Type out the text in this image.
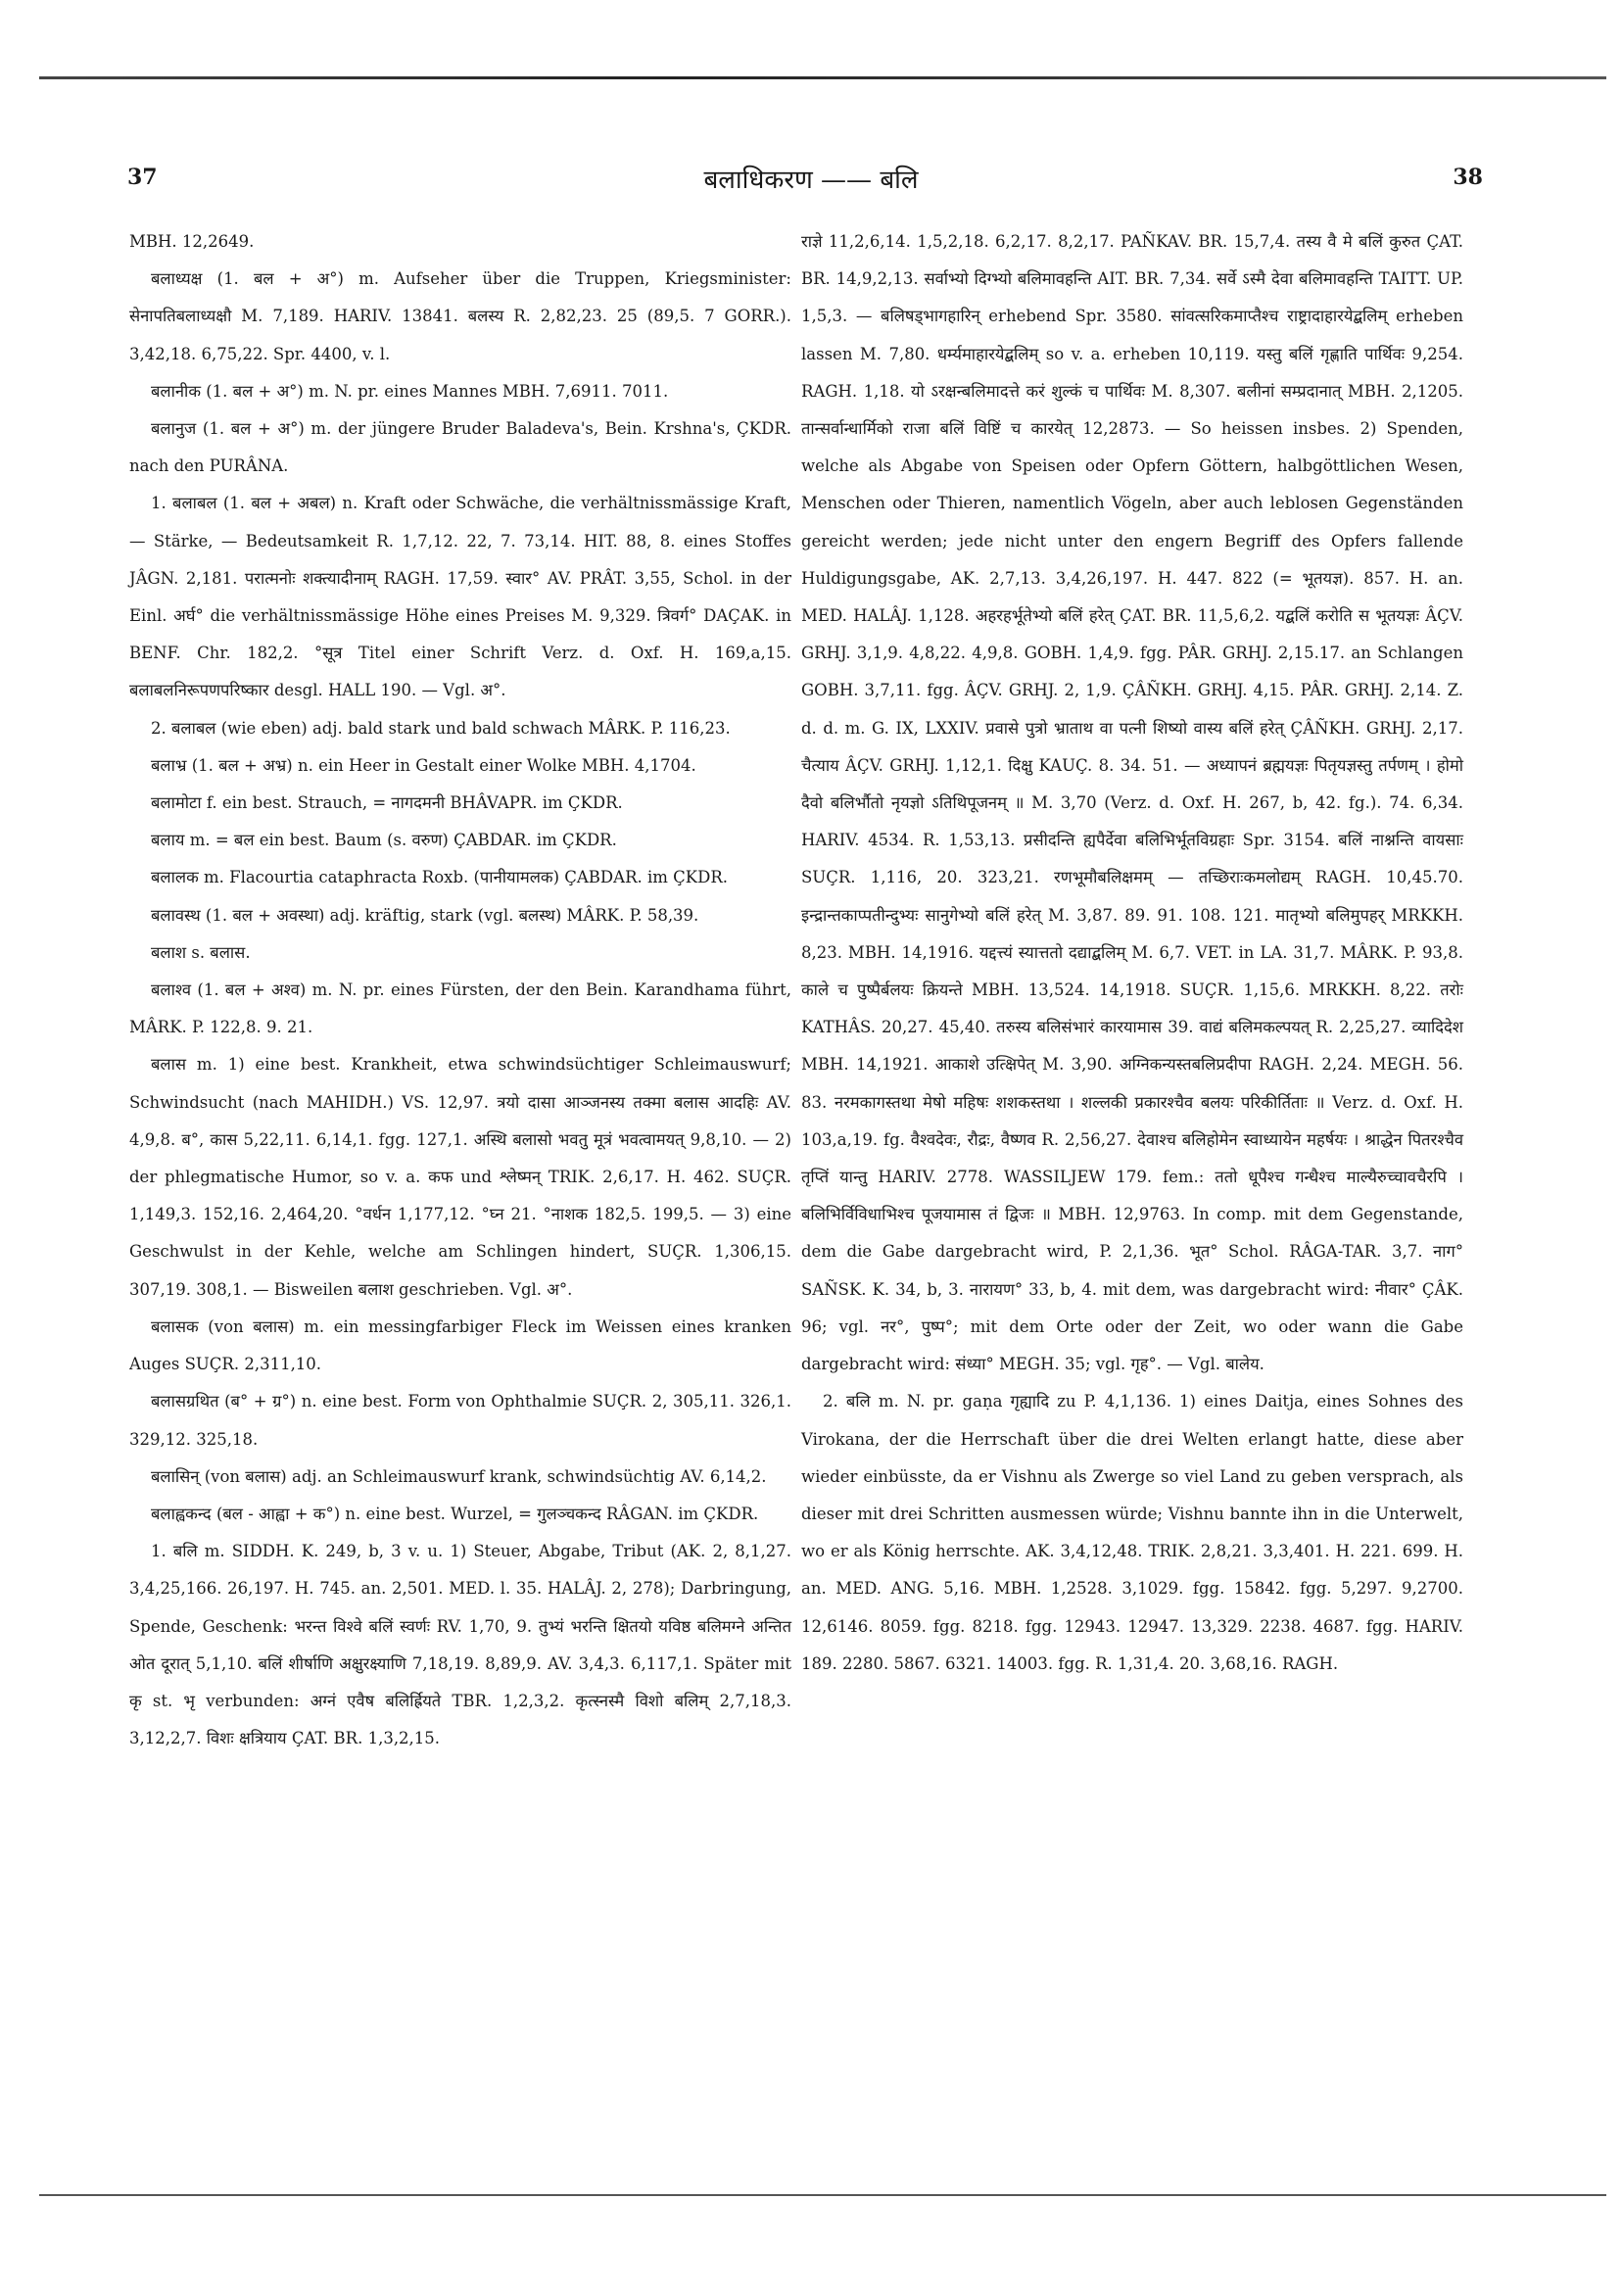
37	बलाधिकरण —— बलि	38

MBH. 12,2649.

बलाध्यक्ष (1. बल + अ°) m. Aufseher über die Truppen, Kriegsminister: सेनापतिबलाध्यक्षौ M. 7,189. HARIV. 13841. बलस्य R. 2,82,23. 25 (89,5. 7 GORR.). 3,42,18. 6,75,22. Spr. 4400, v. l.

बलानीक (1. बल + अ°) m. N. pr. eines Mannes MBH. 7,6911. 7011.

बलानुज (1. बल + अ°) m. der jüngere Bruder Baladeva's, Bein. Krshna's, ÇKDR. nach den PURÂNA.

1. बलाबल (1. बल + अबल) n. Kraft oder Schwäche, die verhältnissmässige Kraft, — Stärke, — Bedeutsamkeit R. 1,7,12. 22, 7. 73,14. HIT. 88, 8. eines Stoffes JÂGN. 2,181. परात्मनोः शक्त्यादीनाम् RAGH. 17,59. स्वार° AV. PRÂT. 3,55, Schol. in der Einl. अर्घ° die verhältnissmässige Höhe eines Preises M. 9,329. त्रिवर्ग° DAÇAK. in BENF. Chr. 182,2. °सूत्र Titel einer Schrift Verz. d. Oxf. H. 169,a,15. बलाबलनिरूपणपरिष्कार desgl. HALL 190. — Vgl. अ°.

2. बलाबल (wie eben) adj. bald stark und bald schwach MÂRK. P. 116,23.

बलाभ्र (1. बल + अभ्र) n. ein Heer in Gestalt einer Wolke MBH. 4,1704.

बलामोटा f. ein best. Strauch, = नागदमनी BHÂVAPR. im ÇKDR.

बलाय m. = बल ein best. Baum (s. वरुण) ÇABDAR. im ÇKDR.

बलालक m. Flacourtia cataphracta Roxb. (पानीयामलक) ÇABDAR. im ÇKDR.

बलावस्थ (1. बल + अवस्था) adj. kräftig, stark (vgl. बलस्थ) MÂRK. P. 58,39.

बलाश s. बलास.

बलाश्व (1. बल + अश्व) m. N. pr. eines Fürsten, der den Bein. Karandhama führt, MÂRK. P. 122,8. 9. 21.

बलास m. 1) eine best. Krankheit, etwa schwindsüchtiger Schleimauswurf; Schwindsucht (nach MAHIDH.) VS. 12,97. त्रयो दासा आञ्जनस्य तक्मा बलास आदहिः AV. 4,9,8. ब°, कास 5,22,11. 6,14,1. fgg. 127,1. अस्थि बलासो भवतु मूत्रं भवत्वामयत् 9,8,10. — 2) der phlegmatische Humor, so v. a. कफ und श्लेष्मन् TRIK. 2,6,17. H. 462. SUÇR. 1,149,3. 152,16. 2,464,20. °वर्धन 1,177,12. °घ्न 21. °नाशक 182,5. 199,5. — 3) eine Geschwulst in der Kehle, welche am Schlingen hindert, SUÇR. 1,306,15. 307,19. 308,1. — Bisweilen बलाश geschrieben. Vgl. अ°.

बलासक (von बलास) m. ein messingfarbiger Fleck im Weissen eines kranken Auges SUÇR. 2,311,10.

बलासग्रथित (ब° + ग्र°) n. eine best. Form von Ophthalmie SUÇR. 2, 305,11. 326,1. 329,12. 325,18.

बलासिन् (von बलास) adj. an Schleimauswurf krank, schwindsüchtig AV. 6,14,2.

बलाह्वकन्द (बल - आह्वा + क°) n. eine best. Wurzel, = गुलञ्चकन्द RÂGAN. im ÇKDR.

1. बलि m. SIDDH. K. 249, b, 3 v. u. 1) Steuer, Abgabe, Tribut (AK. 2, 8,1,27. 3,4,25,166. 26,197. H. 745. an. 2,501. MED. l. 35. HALÂJ. 2, 278); Darbringung, Spende, Geschenk: भरन्त विश्वे बलिं स्वर्णः RV. 1,70, 9. तुभ्यं भरन्ति क्षितयो यविष्ठ बलिमग्ने अन्तित ओत दूरात् 5,1,10. बलिं शीर्षाणि अक्षुरक्ष्याणि 7,18,19. 8,89,9. AV. 3,4,3. 6,117,1. Später mit कृ st. भृ verbunden: अग्नं एवैष बलिर्ह्रियते TBR. 1,2,3,2. कृत्स्नस्मै विशो बलिम् 2,7,18,3. 3,12,2,7. विशः क्षत्रियाय ÇAT. BR. 1,3,2,15.

राज्ञे 11,2,6,14. 1,5,2,18. 6,2,17. 8,2,17. PAÑKAV. BR. 15,7,4. तस्य वै मे बलिं कुरुत ÇAT. BR. 14,9,2,13. सर्वाभ्यो दिग्भ्यो बलिमावहन्ति AIT. BR. 7,34. सर्वे ऽस्मै देवा बलिमावहन्ति TAITT. UP. 1,5,3. — बलिषड्भागहारिन् erhebend Spr. 3580. सांवत्सरिकमाप्तैश्च राष्ट्रादाहारयेद्बलिम् erheben lassen M. 7,80. धर्म्यमाहारयेद्बलिम् so v. a. erheben 10,119. यस्तु बलिं गृह्णाति पार्थिवः 9,254. RAGH. 1,18. यो ऽरक्षन्बलिमादत्ते करं शुल्कं च पार्थिवः M. 8,307. बलीनां सम्प्रदानात् MBH. 2,1205. तान्सर्वान्धार्मिको राजा बलिं विष्टिं च कारयेत् 12,2873. — So heissen insbes. 2) Spenden, welche als Abgabe von Speisen oder Opfern Göttern, halbgöttlichen Wesen, Menschen oder Thieren, namentlich Vögeln, aber auch leblosen Gegenständen gereicht werden; jede nicht unter den engern Begriff des Opfers fallende Huldigungsgabe, AK. 2,7,13. 3,4,26,197. H. 447. 822 (= भूतयज्ञ). 857. H. an. MED. HALÂJ. 1,128. अहरहर्भूतेभ्यो बलिं हरेत् ÇAT. BR. 11,5,6,2. यद्बलिं करोति स भूतयज्ञः ÂÇV. GRHJ. 3,1,9. 4,8,22. 4,9,8. GOBH. 1,4,9. fgg. PÂR. GRHJ. 2,15.17. an Schlangen GOBH. 3,7,11. fgg. ÂÇV. GRHJ. 2, 1,9. ÇÂÑKH. GRHJ. 4,15. PÂR. GRHJ. 2,14. Z. d. d. m. G. IX, LXXIV. प्रवासे पुत्रो भ्राताथ वा पत्नी शिष्यो वास्य बलिं हरेत् ÇÂÑKH. GRHJ. 2,17. चैत्याय ÂÇV. GRHJ. 1,12,1. दिक्षु KAUÇ. 8. 34. 51. — अध्यापनं ब्रह्मयज्ञः पितृयज्ञस्तु तर्पणम् । होमो दैवो बलिर्भौतो नृयज्ञो ऽतिथिपूजनम् ॥ M. 3,70 (Verz. d. Oxf. H. 267, b, 42. fg.). 74. 6,34. HARIV. 4534. R. 1,53,13. प्रसीदन्ति ह्यपैर्देवा बलिभिर्भूतविग्रहाः Spr. 3154. बलिं नाश्नन्ति वायसाः SUÇR. 1,116, 20. 323,21. रणभूमौबलिक्षमम् — तच्छिराःकमलोद्यम् RAGH. 10,45.70. इन्द्रान्तकाप्पतीन्दुभ्यः सानुगेभ्यो बलिं हरेत् M. 3,87. 89. 91. 108. 121. मातृभ्यो बलिमुपहर् MRKKH. 8,23. MBH. 14,1916. यद्दत्त्यं स्यात्ततो दद्याद्बलिम् M. 6,7. VET. in LA. 31,7. MÂRK. P. 93,8. काले च पुष्पैर्बलयः क्रियन्ते MBH. 13,524. 14,1918. SUÇR. 1,15,6. MRKKH. 8,22. तरोः KATHÂS. 20,27. 45,40. तरुस्य बलिसंभारं कारयामास 39. वाद्यं बलिमकल्पयत् R. 2,25,27. व्यादिदेश MBH. 14,1921. आकाशे उत्क्षिपेत् M. 3,90. अग्निकन्यस्तबलिप्रदीपा RAGH. 2,24. MEGH. 56. 83. नरमकागस्तथा मेषो महिषः शशकस्तथा । शल्लकी प्रकारश्चैव बलयः परिकीर्तिताः ॥ Verz. d. Oxf. H. 103,a,19. fg. वैश्वदेवः, रौद्रः, वैष्णव R. 2,56,27. देवाश्च बलिहोमेन स्वाध्यायेन महर्षयः । श्राद्धेन पितरश्चैव तृप्तिं यान्तु HARIV. 2778. WASSILJEW 179. fem.: ततो धूपैश्च गन्धैश्च माल्यैरुच्चावचैरपि । बलिभिर्विविधाभिश्च पूजयामास तं द्विजः ॥ MBH. 12,9763. In comp. mit dem Gegenstande, dem die Gabe dargebracht wird, P. 2,1,36. भूत° Schol. RÂGA-TAR. 3,7. नाग° SAÑSK. K. 34, b, 3. नारायण° 33, b, 4. mit dem, was dargebracht wird: नीवार° ÇÂK. 96; vgl. नर°, पुष्प°; mit dem Orte oder der Zeit, wo oder wann die Gabe dargebracht wird: संध्या° MEGH. 35; vgl. गृह°. — Vgl. बालेय.

2. बलि m. N. pr. gaṇa गृह्यादि zu P. 4,1,136. 1) eines Daitja, eines Sohnes des Virokana, der die Herrschaft über die drei Welten erlangt hatte, diese aber wieder einbüsste, da er Vishnu als Zwerge so viel Land zu geben versprach, als dieser mit drei Schritten ausmessen würde; Vishnu bannte ihn in die Unterwelt, wo er als König herrschte. AK. 3,4,12,48. TRIK. 2,8,21. 3,3,401. H. 221. 699. H. an. MED. ANG. 5,16. MBH. 1,2528. 3,1029. fgg. 15842. fgg. 5,297. 9,2700. 12,6146. 8059. fgg. 8218. fgg. 12943. 12947. 13,329. 2238. 4687. fgg. HARIV. 189. 2280. 5867. 6321. 14003. fgg. R. 1,31,4. 20. 3,68,16. RAGH.
